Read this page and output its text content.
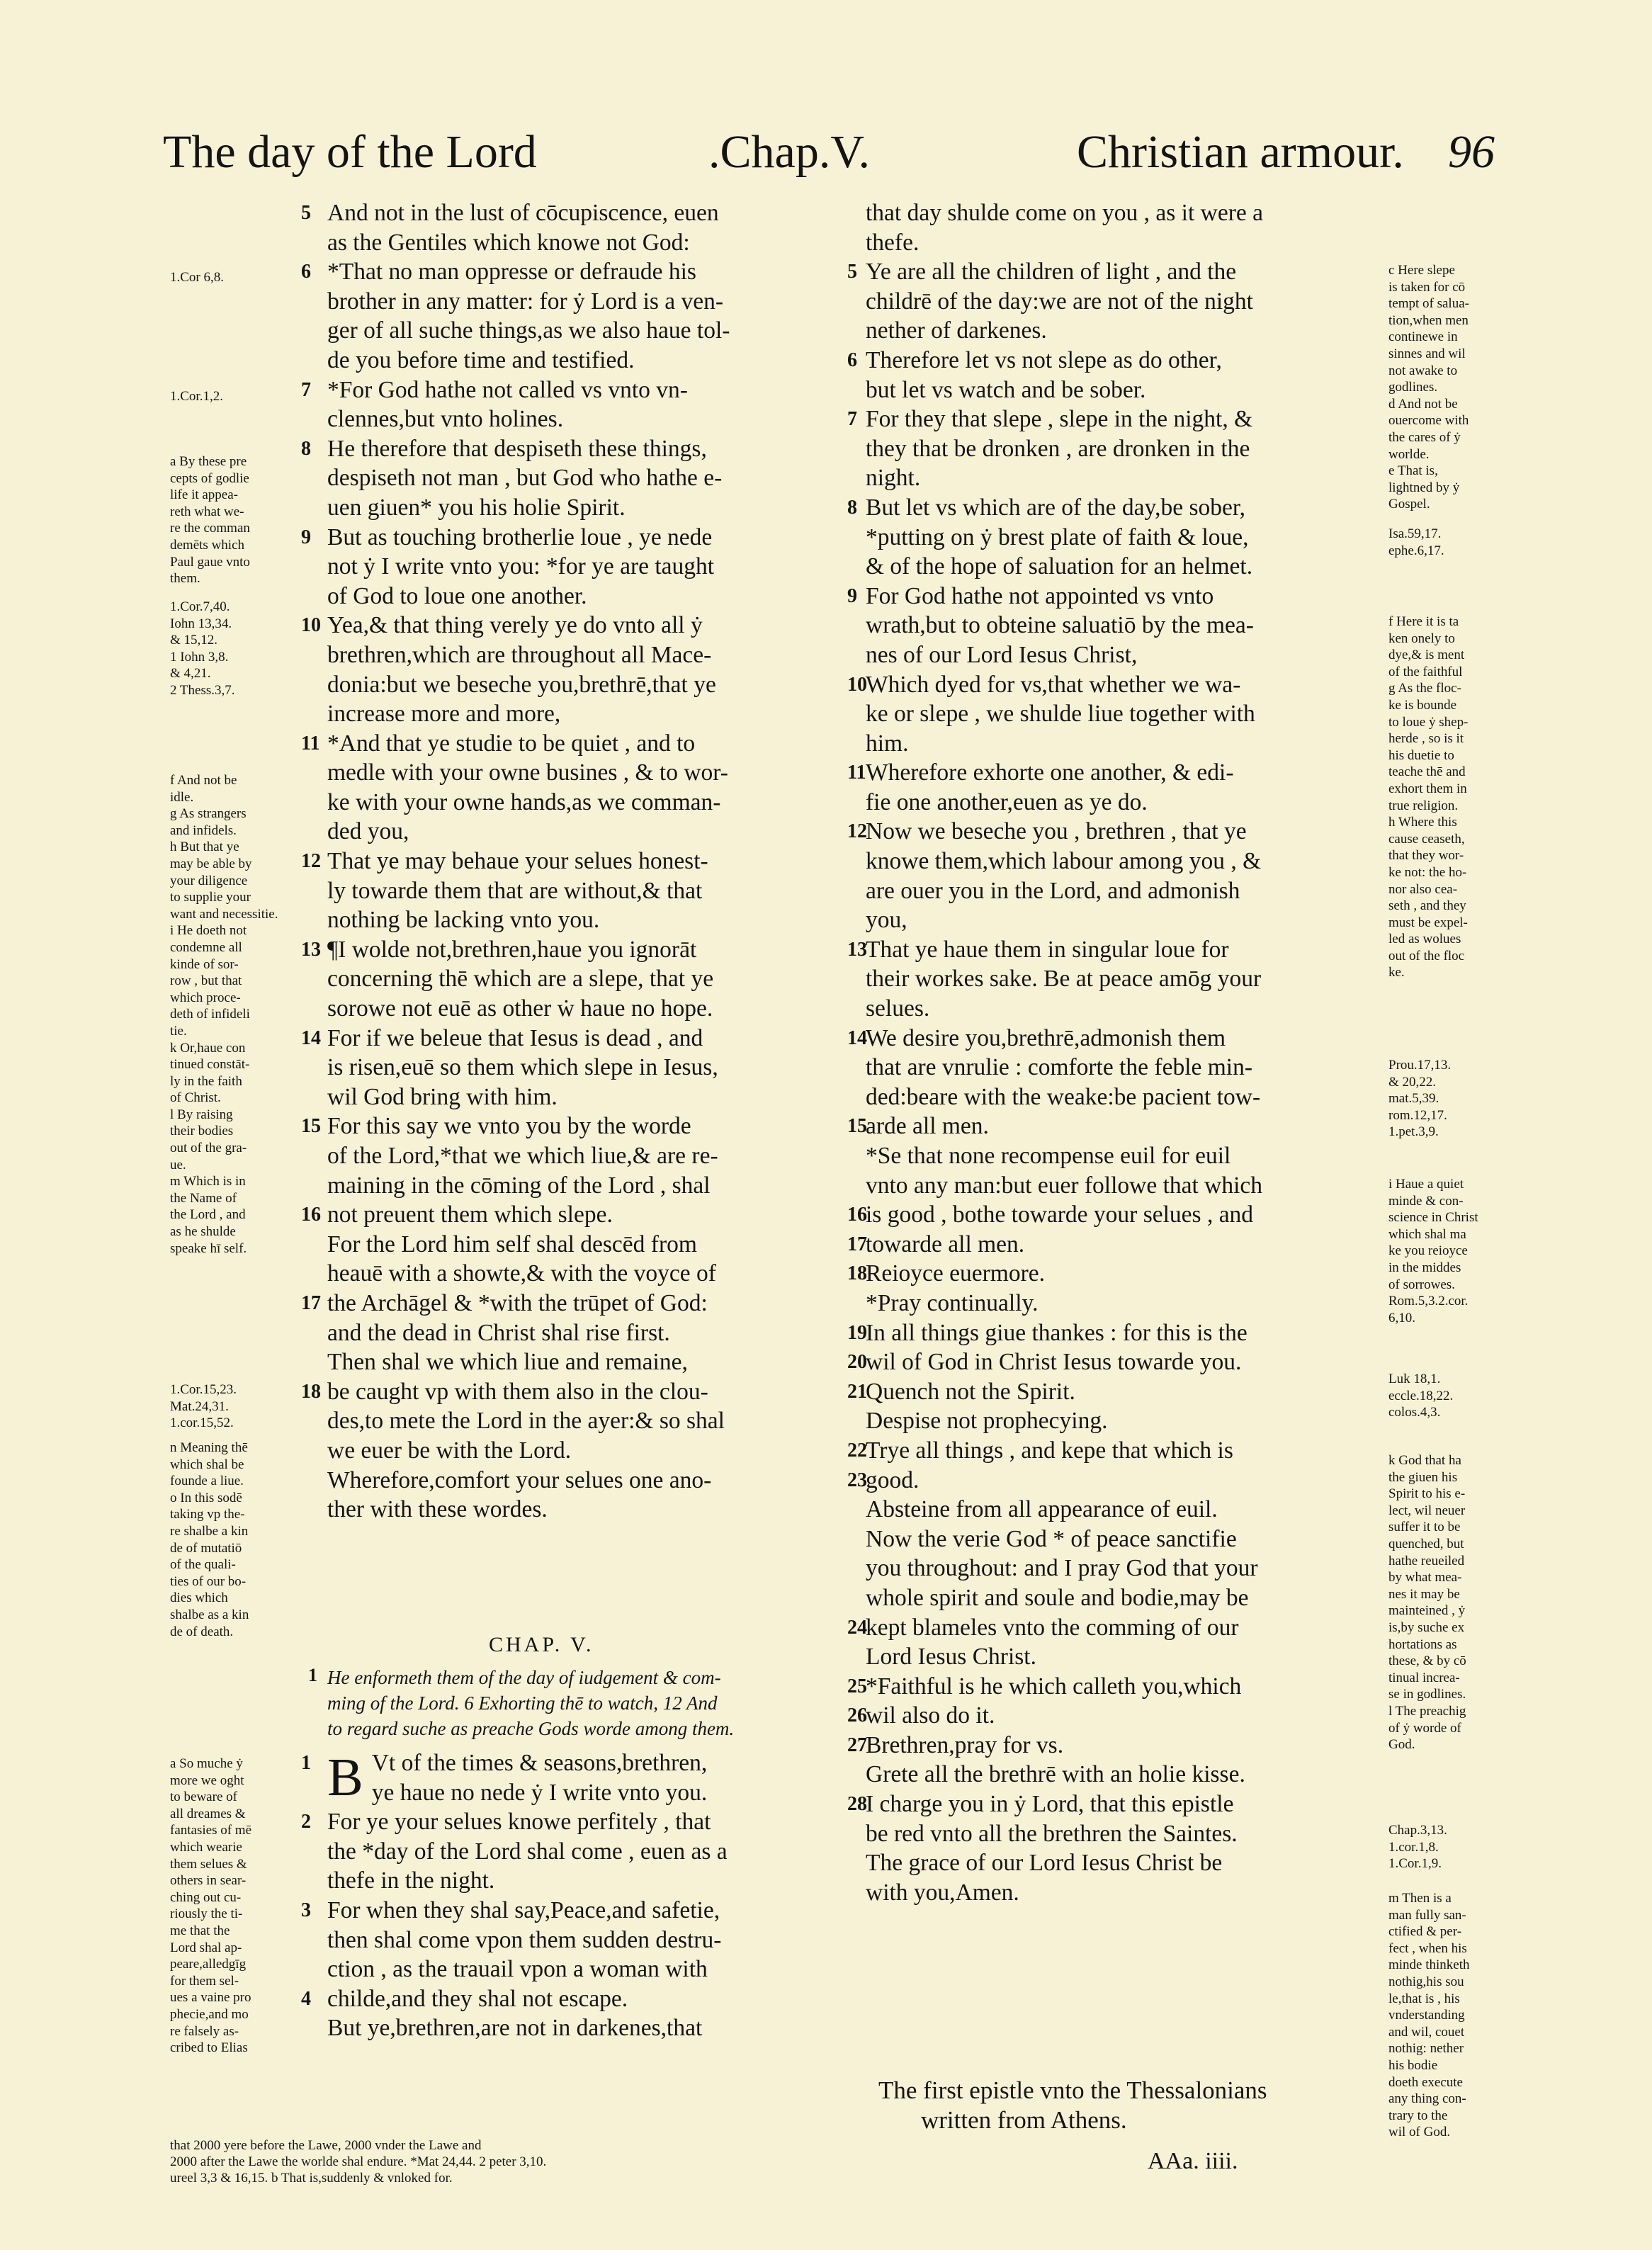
The day of the Lord	.Chap.V.	Christian armour. 96
5
6
7
8
9
10
11
12
13
14
15
16
17
18
And not in the lust of cōcupiscence, euen
as the Gentiles which knowe not God:
*That no man oppresse or defraude his
brother in any matter: for ẏ Lord is a ven-
ger of all suche things,as we also haue tol-
de you before time and testified.
*For God hathe not called vs vnto vn-
clennes,but vnto holines.
He therefore that despiseth these things,
despiseth not man , but God who hathe e-
uen giuen* you his holie Spirit.
But as touching brotherlie loue , ye nede
not ẏ I write vnto you: *for ye are taught
of God to loue one another.
Yea,& that thing verely ye do vnto all ẏ
brethren,which are throughout all Mace-
donia:but we beseche you,brethrē,that ye
increase more and more,
*And that ye studie to be quiet , and to
medle with your owne busines , & to wor-
ke with your owne hands,as we comman-
ded you,
That ye may behaue your selues honest-
ly towarde them that are without,& that
nothing be lacking vnto you.
¶I wolde not,brethren,haue you ignorāt
concerning thē which are a slepe, that ye
sorowe not euē as other ẇ haue no hope.
For if we beleue that Iesus is dead , and
is risen,euē so them which slepe in Iesus,
wil God bring with him.
For this say we vnto you by the worde
of the Lord,*that we which liue,& are re-
maining in the cōming of the Lord , shal
not preuent them which slepe.
For the Lord him self shal descēd from
heauē with a showte,& with the voyce of
the Archāgel & *with the trūpet of God:
and the dead in Christ shal rise first.
Then shal we which liue and remaine,
be caught vp with them also in the clou-
des,to mete the Lord in the ayer:& so shal
we euer be with the Lord.
Wherefore,comfort your selues one ano-
ther with these wordes.
1.Cor 6,8.
1.Cor.1,2.
a By these pre
cepts of godlie
life it appea-
reth what we-
re the comman
demēts which
Paul gaue vnto
them.
1.Cor.7,40.
Iohn 13,34.
& 15,12.
1 Iohn 3,8.
& 4,21.
2 Thess.3,7.
f And not be
idle.
g As strangers
and infidels.
h But that ye
may be able by
your diligence
to supplie your
want and necessitie.
i He doeth not
condemne all
kinde of sor-
row , but that
which proce-
deth of infideli
tie.
k Or,haue con
tinued constāt-
ly in the faith
of Christ.
l By raising
their bodies
out of the gra-
ue.
m Which is in
the Name of
the Lord , and
as he shulde
speake hī self.
1.Cor.15,23.
Mat.24,31.
1.cor.15,52.
n Meaning thē
which shal be
founde a liue.
o In this sodē
taking vp the-
re shalbe a kin
de of mutatiō
of the quali-
ties of our bo-
dies which
shalbe as a kin
de of death.
a So muche ẏ
more we oght
to beware of
all dreames &
fantasies of mē
which wearie
them selues &
others in sear-
ching out cu-
riously the ti-
me that the
Lord shal ap-
peare,alledgīg
for them sel-
ues a vaine pro
phecie,and mo
re falsely as-
cribed to Elias
CHAP. V.
1 He enformeth them of the day of iudgement & com-
ming of the Lord. 6 Exhorting thē to watch, 12 And
to regard suche as preache Gods worde among them.
1
2
3
4
B Vt of the times & seasons,brethren,
ye haue no nede ẏ I write vnto you.
For ye your selues knowe perfitely , that
the *day of the Lord shal come , euen as a
thefe in the night.
For when they shal say,Peace,and safetie,
then shal come vpon them sudden destru-
ction , as the trauail vpon a woman with
childe,and they shal not escape.
But ye,brethren,are not in darkenes,that
that 2000 yere before the Lawe, 2000 vnder the Lawe and
2000 after the Lawe the worlde shal endure. *Mat 24,44. 2 peter 3,10.
ureel 3,3 & 16,15. b That is,suddenly & vnloked for.
5
6
7
8
9
10
11
12
13
14
15
16
17
18
19
20
21
22
23
24
25
26
27
28
that day shulde come on you , as it were a
thefe.
Ye are all the children of light , and the
childrē of the day:we are not of the night
nether of darkenes.
Therefore let vs not slepe as do other,
but let vs watch and be sober.
For they that slepe , slepe in the night, &
they that be dronken , are dronken in the
night.
But let vs which are of the day,be sober,
*putting on ẏ brest plate of faith & loue,
& of the hope of saluation for an helmet.
For God hathe not appointed vs vnto
wrath,but to obteine saluatiō by the mea-
nes of our Lord Iesus Christ,
Which dyed for vs,that whether we wa-
ke or slepe , we shulde liue together with
him.
Wherefore exhorte one another, & edi-
fie one another,euen as ye do.
Now we beseche you , brethren , that ye
knowe them,which labour among you , &
are ouer you in the Lord, and admonish
you,
That ye haue them in singular loue for
their workes sake. Be at peace amōg your
selues.
We desire you,brethrē,admonish them
that are vnrulie : comforte the feble min-
ded:beare with the weake:be pacient tow-
arde all men.
*Se that none recompense euil for euil
vnto any man:but euer followe that which
is good , bothe towarde your selues , and
towarde all men.
Reioyce euermore.
*Pray continually.
In all things giue thankes : for this is the
wil of God in Christ Iesus towarde you.
Quench not the Spirit.
Despise not prophecying.
Trye all things , and kepe that which is
good.
Absteine from all appearance of euil.
Now the verie God * of peace sanctifie
you throughout: and I pray God that your
whole spirit and soule and bodie,may be
kept blameles vnto the comming of our
Lord Iesus Christ.
*Faithful is he which calleth you,which
wil also do it.
Brethren,pray for vs.
Grete all the brethrē with an holie kisse.
I charge you in ẏ Lord, that this epistle
be red vnto all the brethren the Saintes.
The grace of our Lord Iesus Christ be
with you,Amen.
c Here slepe
is taken for cō
tempt of salua-
tion,when men
continewe in
sinnes and wil
not awake to
godlines.
d And not be
ouercome with
the cares of ẏ
worlde.
e That is,
lightned by ẏ
Gospel.
Isa.59,17.
ephe.6,17.
f Here it is ta
ken onely to
dye,& is ment
of the faithful
g As the floc-
ke is bounde
to loue ẏ shep-
herde , so is it
his duetie to
teache thē and
exhort them in
true religion.
h Where this
cause ceaseth,
that they wor-
ke not: the ho-
nor also cea-
seth , and they
must be expel-
led as wolues
out of the floc
ke.
Prou.17,13.
& 20,22.
mat.5,39.
rom.12,17.
1.pet.3,9.
i Haue a quiet
minde & con-
science in Christ
which shal ma
ke you reioyce
in the middes
of sorrowes.
Rom.5,3.2.cor.
6,10.
Luk 18,1.
eccle.18,22.
colos.4,3.
k God that ha
the giuen his
Spirit to his e-
lect, wil neuer
suffer it to be
quenched, but
hathe reueiled
by what mea-
nes it may be
mainteined , ẏ
is,by suche ex
hortations as
these, & by cō
tinual increa-
se in godlines.
l The preachig
of ẏ worde of
God.
Chap.3,13.
1.cor.1,8.
1.Cor.1,9.
m Then is a
man fully san-
ctified & per-
fect , when his
minde thinketh
nothig,his sou
le,that is , his
vnderstanding
and wil, couet
nothig: nether
his bodie
doeth execute
any thing con-
trary to the
wil of God.
The first epistle vnto the Thessalonians
written from Athens.
AAa. iiii.
